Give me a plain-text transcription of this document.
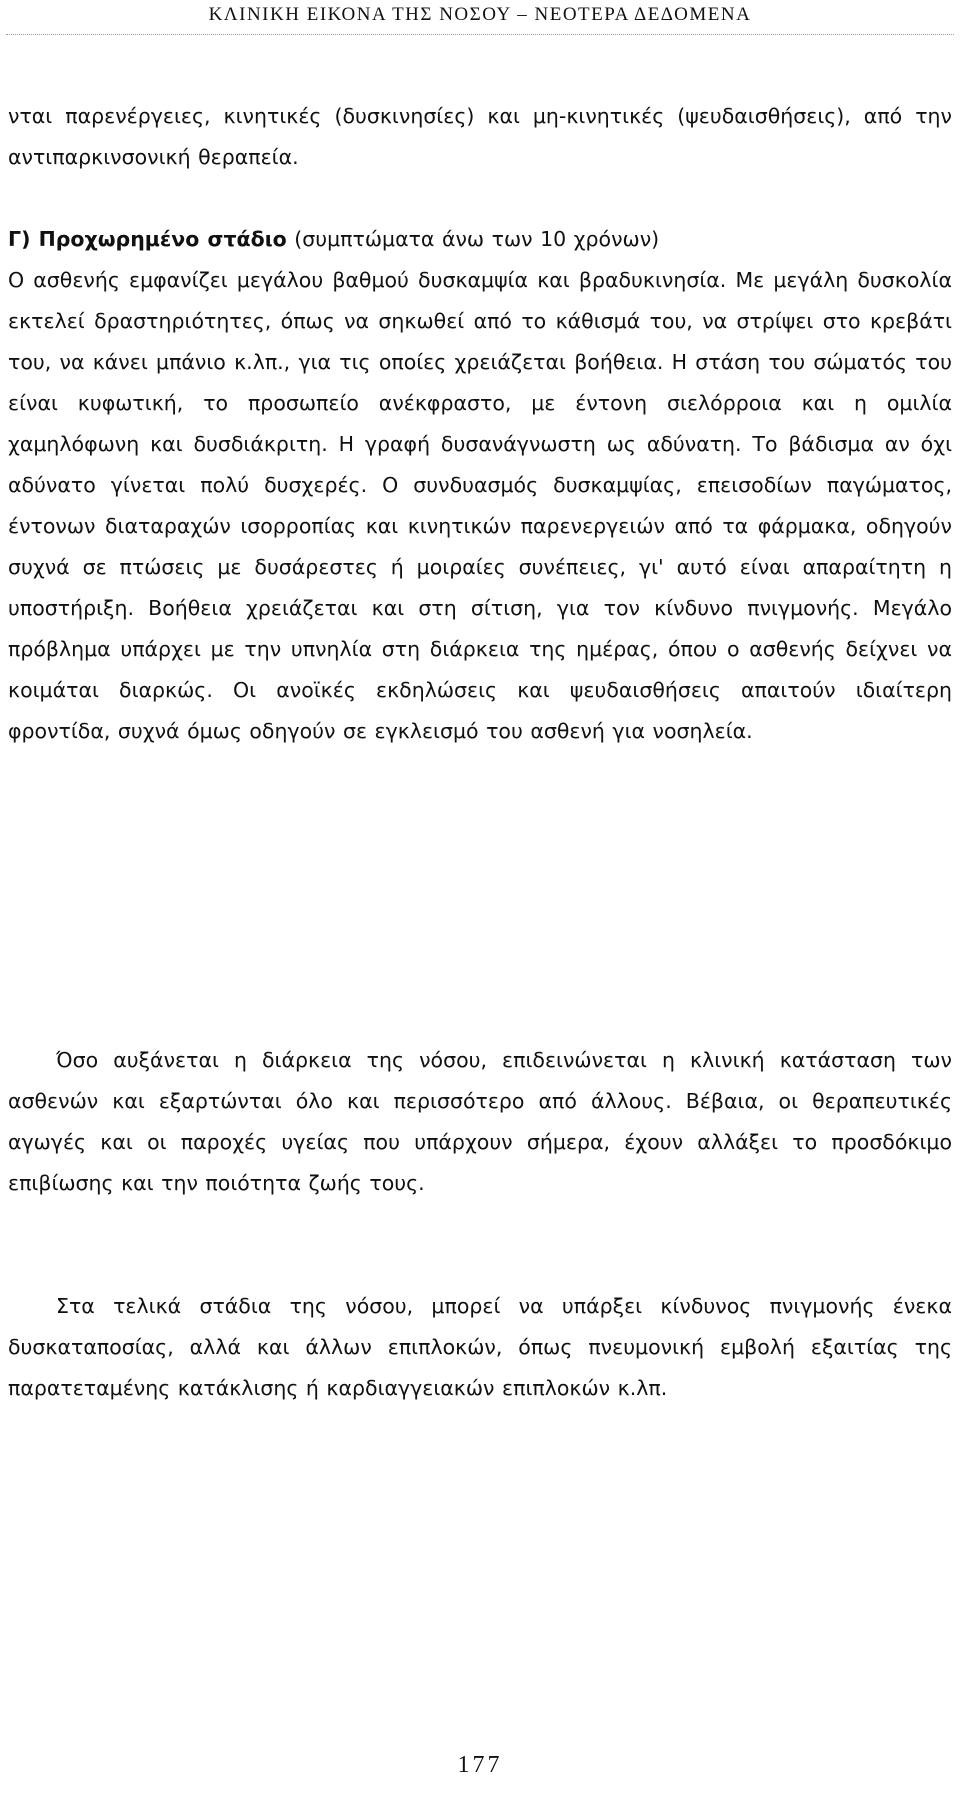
ΚΛΙΝΙΚΗ ΕΙΚΟΝΑ ΤΗΣ ΝΟΣΟΥ – ΝΕΟΤΕΡΑ ΔΕΔΟΜΕΝΑ

νται παρενέργειες, κινητικές (δυσκινησίες) και μη-κινητικές (ψευδαισθήσεις), από την αντιπαρκινσονική θεραπεία.

Γ) Προχωρημένο στάδιο (συμπτώματα άνω των 10 χρόνων)

Ο ασθενής εμφανίζει μεγάλου βαθμού δυσκαμψία και βραδυκινησία. Με μεγάλη δυσκολία εκτελεί δραστηριότητες, όπως να σηκωθεί από το κάθισμά του, να στρίψει στο κρεβάτι του, να κάνει μπάνιο κ.λπ., για τις οποίες χρειάζεται βοήθεια. Η στάση του σώματός του είναι κυφωτική, το προσωπείο ανέκφραστο, με έντονη σιελόρροια και η ομιλία χαμηλόφωνη και δυσδιάκριτη. Η γραφή δυσανάγνωστη ως αδύνατη. Το βάδισμα αν όχι αδύνατο γίνεται πολύ δυσχερές. Ο συνδυασμός δυσκαμψίας, επεισοδίων παγώματος, έντονων διαταραχών ισορροπίας και κινητικών παρενεργειών από τα φάρμακα, οδηγούν συχνά σε πτώσεις με δυσάρεστες ή μοιραίες συνέπειες, γι' αυτό είναι απαραίτητη η υποστήριξη. Βοήθεια χρειάζεται και στη σίτιση, για τον κίνδυνο πνιγμονής. Μεγάλο πρόβλημα υπάρχει με την υπνηλία στη διάρκεια της ημέρας, όπου ο ασθενής δείχνει να κοιμάται διαρκώς. Οι ανοϊκές εκδηλώσεις και ψευδαισθήσεις απαιτούν ιδιαίτερη φροντίδα, συχνά όμως οδηγούν σε εγκλεισμό του ασθενή για νοσηλεία.

Όσο αυξάνεται η διάρκεια της νόσου, επιδεινώνεται η κλινική κατάσταση των ασθενών και εξαρτώνται όλο και περισσότερο από άλλους. Βέβαια, οι θεραπευτικές αγωγές και οι παροχές υγείας που υπάρχουν σήμερα, έχουν αλλάξει το προσδόκιμο επιβίωσης και την ποιότητα ζωής τους.

Στα τελικά στάδια της νόσου, μπορεί να υπάρξει κίνδυνος πνιγμονής ένεκα δυσκαταποσίας, αλλά και άλλων επιπλοκών, όπως πνευμονική εμβολή εξαιτίας της παρατεταμένης κατάκλισης ή καρδιαγγειακών επιπλοκών κ.λπ.

177
